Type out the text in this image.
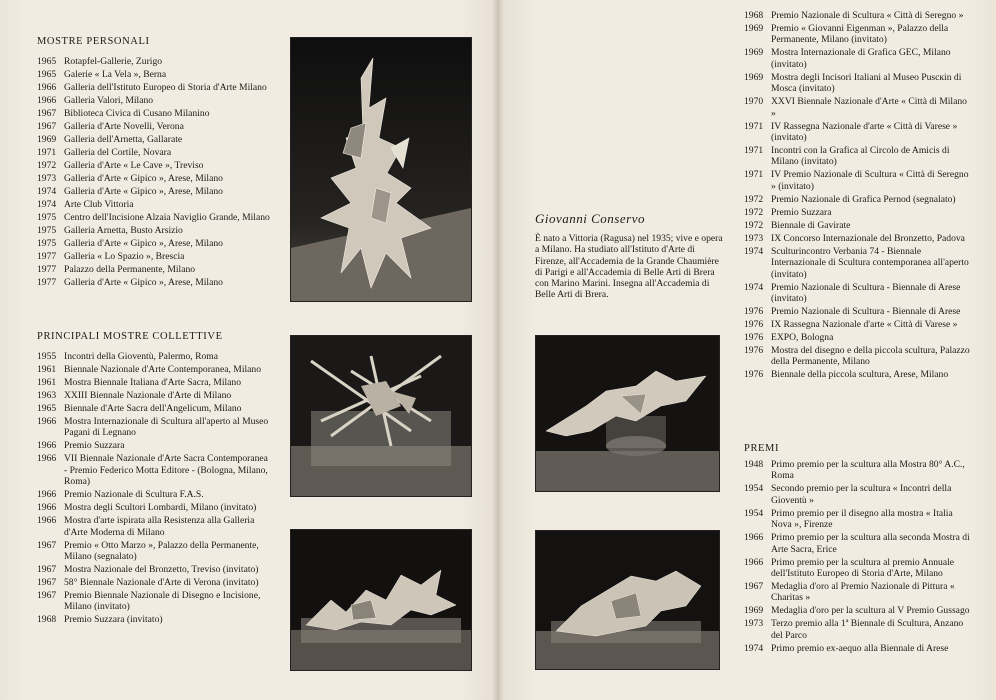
MOSTRE PERSONALI
1965 Rotapfel-Gallerie, Zurigo
1965 Galerie « La Vela », Berna
1966 Galleria dell'Istituto Europeo di Storia d'Arte Milano
1966 Galleria Valori, Milano
1967 Biblioteca Civica di Cusano Milanino
1967 Galleria d'Arte Novelli, Verona
1969 Galleria dell'Arnetta, Gallarate
1971 Galleria del Cortile, Novara
1972 Galleria d'Arte « Le Cave », Treviso
1973 Galleria d'Arte « Gipico », Arese, Milano
1974 Galleria d'Arte « Gipico », Arese, Milano
1974 Arte Club Vittoria
1975 Centro dell'Incisione Alzaia Naviglio Grande, Milano
1975 Galleria Arnetta, Busto Arsizio
1975 Galleria d'Arte « Gipico », Arese, Milano
1977 Galleria « Lo Spazio », Brescia
1977 Palazzo della Permanente, Milano
1977 Galleria d'Arte « Gipico », Arese, Milano
PRINCIPALI MOSTRE COLLETTIVE
1955 Incontri della Gioventù, Palermo, Roma
1961 Biennale Nazionale d'Arte Contemporanea, Milano
1961 Mostra Biennale Italiana d'Arte Sacra, Milano
1963 XXIII Biennale Nazionale d'Arte di Milano
1965 Biennale d'Arte Sacra dell'Angelicum, Milano
1966 Mostra Internazionale di Scultura all'aperto al Museo Pagani di Legnano
1966 Premio Suzzara
1966 VII Biennale Nazionale d'Arte Sacra Contemporanea - Premio Federico Motta Editore - (Bologna, Milano, Roma)
1966 Premio Nazionale di Scultura F.A.S.
1966 Mostra degli Scultori Lombardi, Milano (invitato)
1966 Mostra d'arte ispirata alla Resistenza alla Galleria d'Arte Moderna di Milano
1967 Premio « Otto Marzo », Palazzo della Permanente, Milano (segnalato)
1967 Mostra Nazionale del Bronzetto, Treviso (invitato)
1967 58° Biennale Nazionale d'Arte di Verona (invitato)
1967 Premio Biennale Nazionale di Disegno e Incisione, Milano (invitato)
1968 Premio Suzzara (invitato)
Giovanni Conservo
È nato a Vittoria (Ragusa) nel 1935; vive e opera a Milano. Ha studiato all'Istituto d'Arte di Firenze, all'Accademia de la Grande Chaumière di Parigi e all'Accademia di Belle Arti di Brera con Marino Marini. Insegna all'Accademia di Belle Arti di Brera.
1968 Premio Nazionale di Scultura « Città di Seregno »
1969 Premio « Giovanni Eigenman », Palazzo della Permanente, Milano (invitato)
1969 Mostra Internazionale di Grafica GEC, Milano (invitato)
1969 Mostra degli Incisori Italiani al Museo Puscкin di Mosca (invitato)
1970 XXVI Biennale Nazionale d'Arte « Città di Milano »
1971 IV Rassegna Nazionale d'arte « Città di Varese » (invitato)
1971 Incontri con la Grafica al Circolo de Amicis di Milano (invitato)
1971 IV Premio Nazionale di Scultura « Città di Seregno » (invitato)
1972 Premio Nazionale di Grafica Pernod (segnalato)
1972 Premio Suzzara
1972 Biennale di Gavirate
1973 IX Concorso Internazionale del Bronzetto, Padova
1974 Sculturincontro Verbania 74 - Biennale Internazionale di Scultura contemporanea all'aperto (invitato)
1974 Premio Nazionale di Scultura - Biennale di Arese (invitato)
1976 Premio Nazionale di Scultura - Biennale di Arese
1976 IX Rassegna Nazionale d'arte « Città di Varese »
1976 EXPO, Bologna
1976 Mostra del disegno e della piccola scultura, Palazzo della Permanente, Milano
1976 Biennale della piccola scultura, Arese, Milano
PREMI
1948 Primo premio per la scultura alla Mostra 80° A.C., Roma
1954 Secondo premio per la scultura « Incontri della Gioventù »
1954 Primo premio per il disegno alla mostra « Italia Nova », Firenze
1966 Primo premio per la scultura alla seconda Mostra di Arte Sacra, Erice
1966 Primo premio per la scultura al premio Annuale dell'Istituto Europeo di Storia d'Arte, Milano
1967 Medaglia d'oro al Premio Nazionale di Pittura « Charitas »
1969 Medaglia d'oro per la scultura al V Premio Gussago
1973 Terzo premio alla 1ª Biennale di Scultura, Anzano del Parco
1974 Primo premio ex-aequo alla Biennale di Arese
